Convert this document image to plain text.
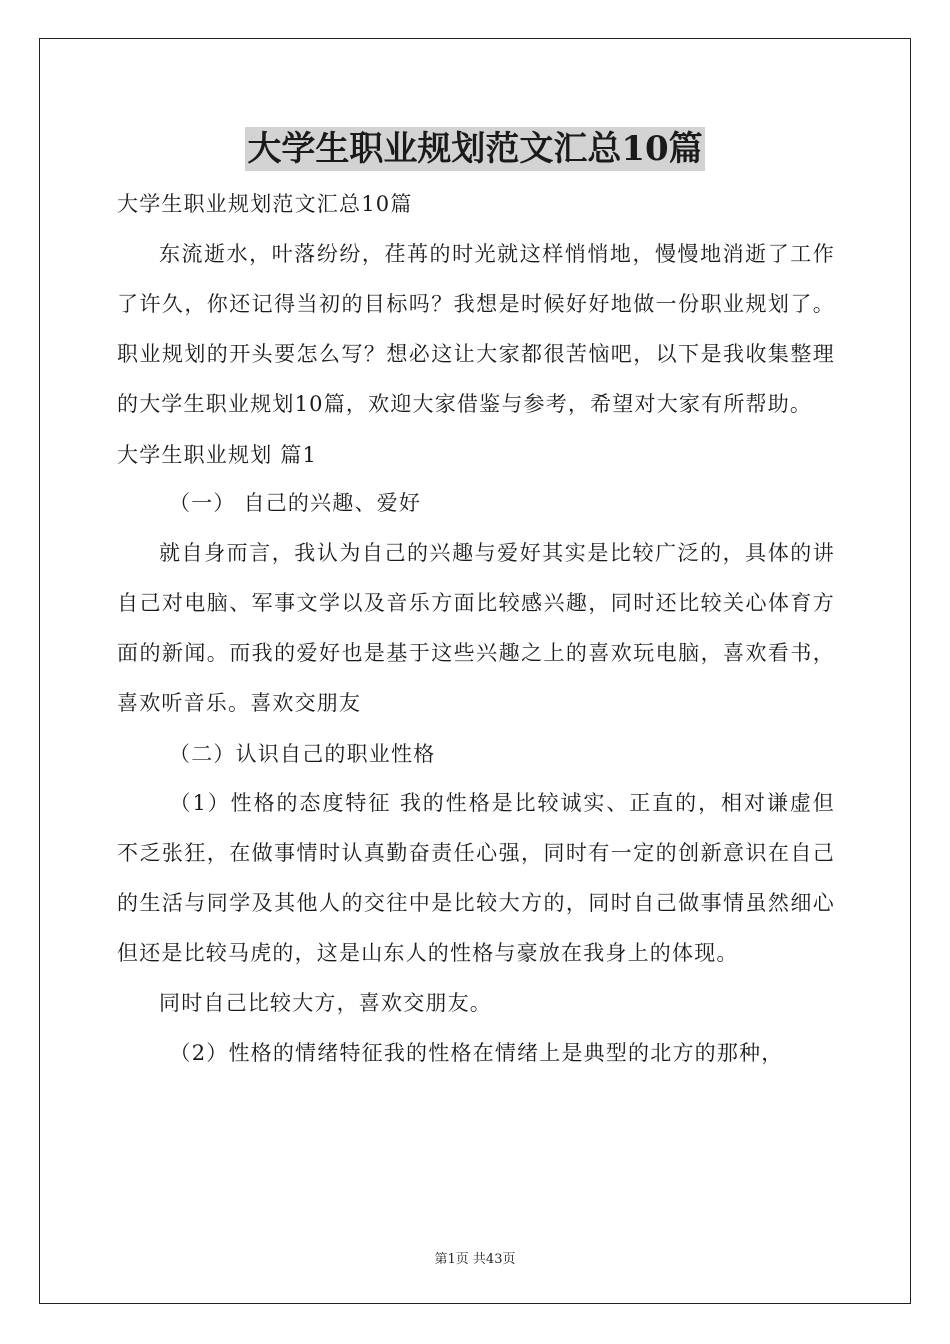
大学生职业规划范文汇总10篇
大学生职业规划范文汇总10篇

东流逝水，叶落纷纷，荏苒的时光就这样悄悄地，慢慢地消逝了工作了许久，你还记得当初的目标吗？我想是时候好好地做一份职业规划了。职业规划的开头要怎么写？想必这让大家都很苦恼吧，以下是我收集整理的大学生职业规划10篇，欢迎大家借鉴与参考，希望对大家有所帮助。

大学生职业规划 篇1
（一） 自己的兴趣、爱好

就自身而言，我认为自己的兴趣与爱好其实是比较广泛的，具体的讲自己对电脑、军事文学以及音乐方面比较感兴趣，同时还比较关心体育方面的新闻。而我的爱好也是基于这些兴趣之上的喜欢玩电脑，喜欢看书，喜欢听音乐。喜欢交朋友

（二）认识自己的职业性格

（1）性格的态度特征 我的性格是比较诚实、正直的，相对谦虚但不乏张狂，在做事情时认真勤奋责任心强，同时有一定的创新意识在自己的生活与同学及其他人的交往中是比较大方的，同时自己做事情虽然细心但还是比较马虎的，这是山东人的性格与豪放在我身上的体现。

同时自己比较大方，喜欢交朋友。

（2）性格的情绪特征我的性格在情绪上是典型的北方的那种，

第1页 共43页
